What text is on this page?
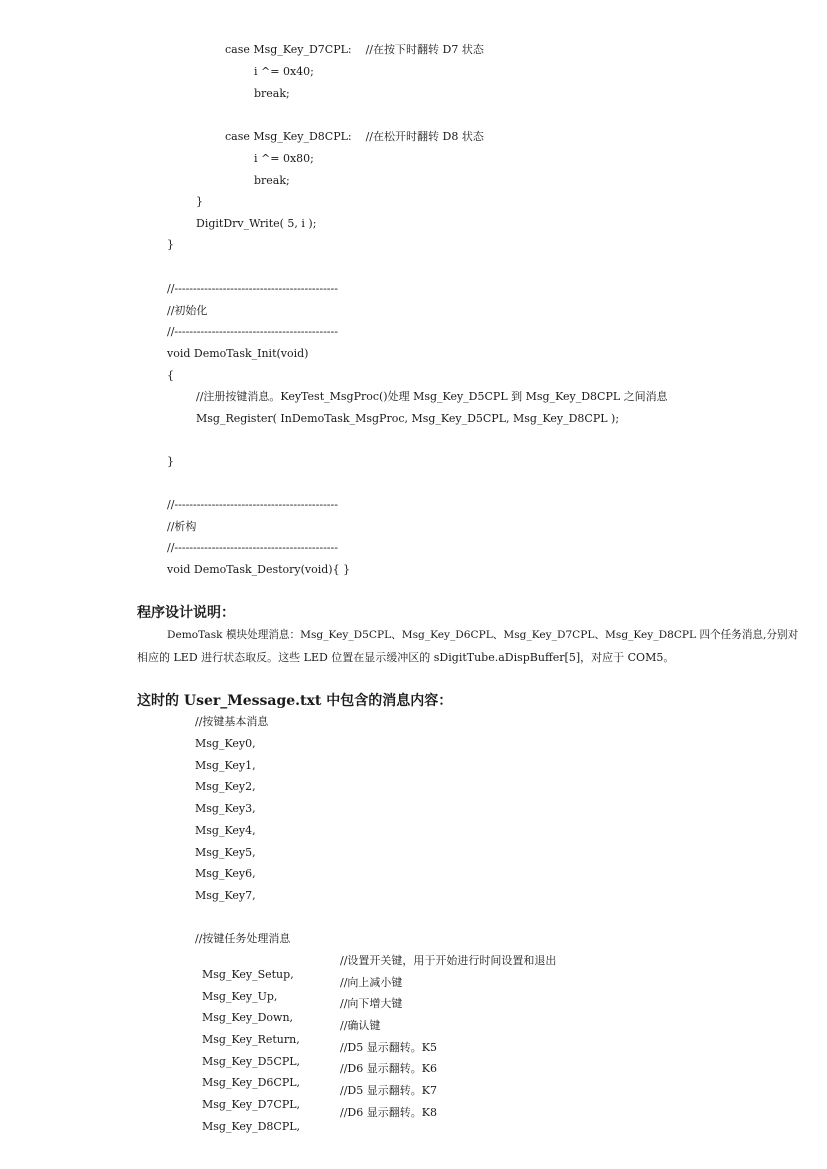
case Msg_Key_D7CPL:    //在按下时翻转 D7 状态
i ^= 0x40;
break;
case Msg_Key_D8CPL:    //在松开时翻转 D8 状态
i ^= 0x80;
break;
}
DigitDrv_Write( 5, i );
}
//--------------------------------------------
//初始化
//--------------------------------------------
void DemoTask_Init(void)
{
//注册按键消息。KeyTest_MsgProc()处理 Msg_Key_D5CPL 到 Msg_Key_D8CPL 之间消息
Msg_Register( InDemoTask_MsgProc, Msg_Key_D5CPL, Msg_Key_D8CPL );
}
//--------------------------------------------
//析构
//--------------------------------------------
void DemoTask_Destory(void){ }
程序设计说明：
DemoTask 模块处理消息：Msg_Key_D5CPL、Msg_Key_D6CPL、Msg_Key_D7CPL、Msg_Key_D8CPL 四个任务消息,分别对
相应的 LED 进行状态取反。这些 LED 位置在显示缓冲区的 sDigitTube.aDispBuffer[5]，对应于 COM5。
这时的 User_Message.txt 中包含的消息内容：
//按键基本消息
Msg_Key0,
Msg_Key1,
Msg_Key2,
Msg_Key3,
Msg_Key4,
Msg_Key5,
Msg_Key6,
Msg_Key7,
//按键任务处理消息

Msg_Key_Setup,

//设置开关键，用于开始进行时间设置和退出

Msg_Key_Up,

//向上减小键

Msg_Key_Down,

//向下增大键

Msg_Key_Return,

//确认键

Msg_Key_D5CPL,

//D5 显示翻转。K5

Msg_Key_D6CPL,

//D6 显示翻转。K6

Msg_Key_D7CPL,

//D5 显示翻转。K7

Msg_Key_D8CPL,

//D6 显示翻转。K8
